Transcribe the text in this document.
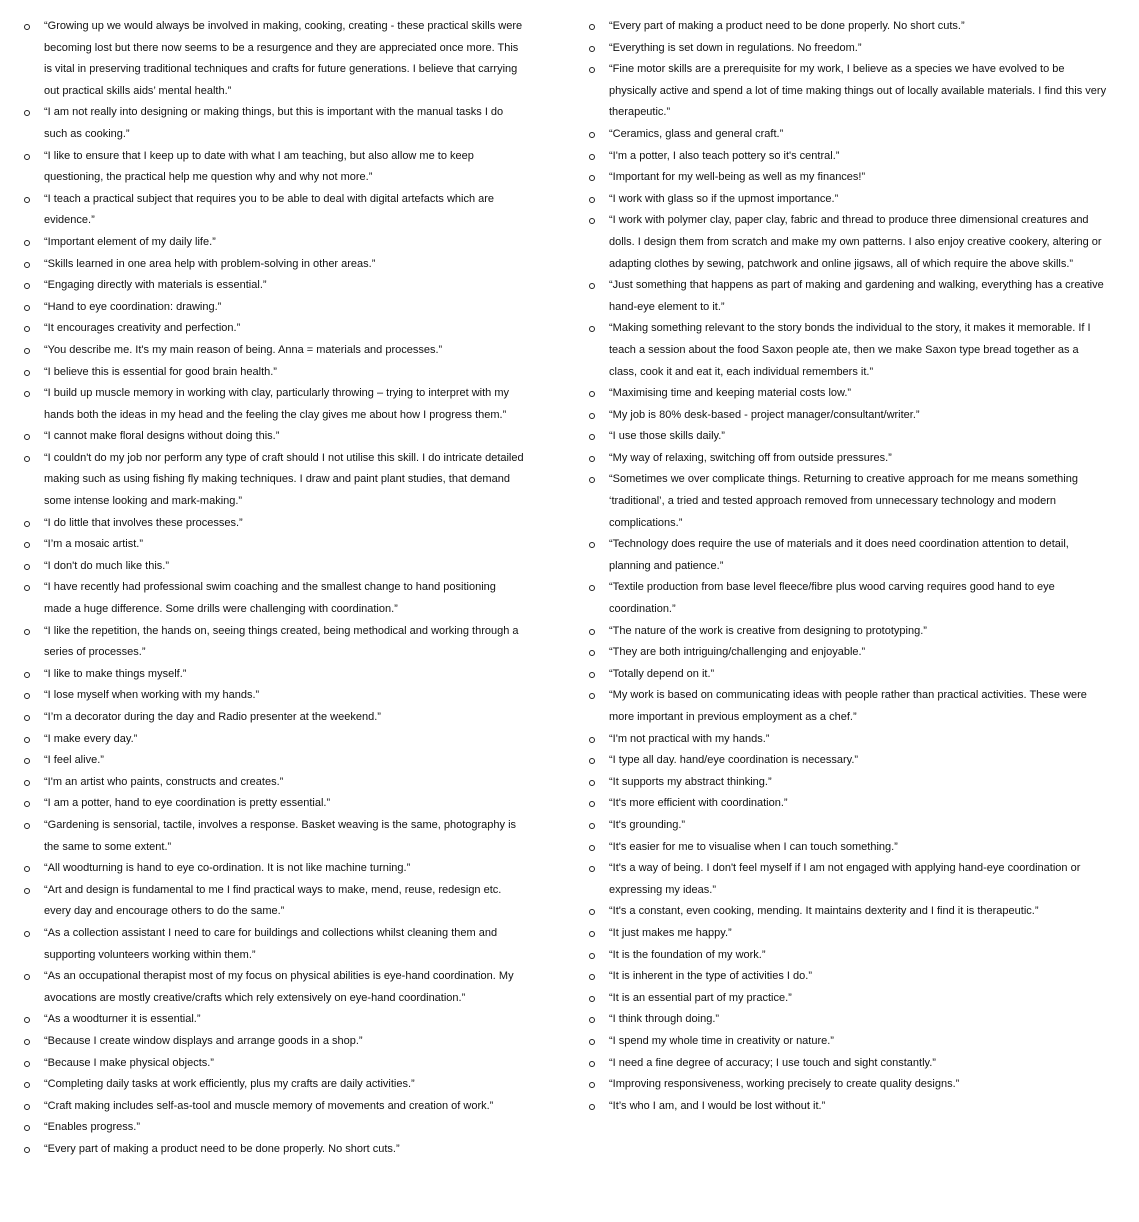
“Growing up we would always be involved in making, cooking, creating - these practical skills were becoming lost but there now seems to be a resurgence and they are appreciated once more. This is vital in preserving traditional techniques and crafts for future generations. I believe that carrying out practical skills aids’ mental health.”
“I am not really into designing or making things, but this is important with the manual tasks I do such as cooking.”
“I like to ensure that I keep up to date with what I am teaching, but also allow me to keep questioning, the practical help me question why and why not more.”
“I teach a practical subject that requires you to be able to deal with digital artefacts which are evidence.”
“Important element of my daily life.”
“Skills learned in one area help with problem-solving in other areas.”
“Engaging directly with materials is essential.”
“Hand to eye coordination: drawing.”
“It encourages creativity and perfection.”
“You describe me. It's my main reason of being. Anna = materials and processes.”
“I believe this is essential for good brain health.”
“I build up muscle memory in working with clay, particularly throwing – trying to interpret with my hands both the ideas in my head and the feeling the clay gives me about how I progress them.”
“I cannot make floral designs without doing this.”
“I couldn't do my job nor perform any type of craft should I not utilise this skill. I do intricate detailed making such as using fishing fly making techniques. I draw and paint plant studies, that demand some intense looking and mark-making.”
“I do little that involves these processes.”
“I’m a mosaic artist.”
“I don't do much like this.”
“I have recently had professional swim coaching and the smallest change to hand positioning made a huge difference. Some drills were challenging with coordination.”
“I like the repetition, the hands on, seeing things created, being methodical and working through a series of processes.”
“I like to make things myself.”
“I lose myself when working with my hands.”
“I’m a decorator during the day and Radio presenter at the weekend.”
“I make every day.”
“I feel alive.”
“I'm an artist who paints, constructs and creates.”
“I am a potter, hand to eye coordination is pretty essential.”
“Gardening is sensorial, tactile, involves a response. Basket weaving is the same, photography is the same to some extent.”
“All woodturning is hand to eye co-ordination. It is not like machine turning.”
“Art and design is fundamental to me I find practical ways to make, mend, reuse, redesign etc. every day and encourage others to do the same.”
“As a collection assistant I need to care for buildings and collections whilst cleaning them and supporting volunteers working within them.”
“As an occupational therapist most of my focus on physical abilities is eye-hand coordination. My avocations are mostly creative/crafts which rely extensively on eye-hand coordination.”
“As a woodturner it is essential.”
“Because I create window displays and arrange goods in a shop.”
“Because I make physical objects.”
“Completing daily tasks at work efficiently, plus my crafts are daily activities.”
“Craft making includes self-as-tool and muscle memory of movements and creation of work.”
“Enables progress.”
“Every part of making a product need to be done properly. No short cuts.”
“Every part of making a product need to be done properly. No short cuts.”
“Everything is set down in regulations. No freedom.”
“Fine motor skills are a prerequisite for my work, I believe as a species we have evolved to be physically active and spend a lot of time making things out of locally available materials. I find this very therapeutic.”
“Ceramics, glass and general craft.”
“I'm a potter, I also teach pottery so it's central.”
“Important for my well-being as well as my finances!”
“I work with glass so if the upmost importance.”
“I work with polymer clay, paper clay, fabric and thread to produce three dimensional creatures and dolls. I design them from scratch and make my own patterns. I also enjoy creative cookery, altering or adapting clothes by sewing, patchwork and online jigsaws, all of which require the above skills.”
“Just something that happens as part of making and gardening and walking, everything has a creative hand-eye element to it.”
“Making something relevant to the story bonds the individual to the story, it makes it memorable. If I teach a session about the food Saxon people ate, then we make Saxon type bread together as a class, cook it and eat it, each individual remembers it.”
“Maximising time and keeping material costs low.”
“My job is 80% desk-based - project manager/consultant/writer.”
“I use those skills daily.”
“My way of relaxing, switching off from outside pressures.”
“Sometimes we over complicate things. Returning to creative approach for me means something ‘traditional’, a tried and tested approach removed from unnecessary technology and modern complications.”
“Technology does require the use of materials and it does need coordination attention to detail, planning and patience.”
“Textile production from base level fleece/fibre plus wood carving requires good hand to eye coordination.”
“The nature of the work is creative from designing to prototyping.”
“They are both intriguing/challenging and enjoyable.”
“Totally depend on it.”
“My work is based on communicating ideas with people rather than practical activities. These were more important in previous employment as a chef.”
“I'm not practical with my hands.”
“I type all day. hand/eye coordination is necessary.”
“It supports my abstract thinking.”
“It's more efficient with coordination.”
“It's grounding.”
“It's easier for me to visualise when I can touch something.”
“It's a way of being. I don't feel myself if I am not engaged with applying hand-eye coordination or expressing my ideas.”
“It's a constant, even cooking, mending. It maintains dexterity and I find it is therapeutic.”
“It just makes me happy.”
“It is the foundation of my work.”
“It is inherent in the type of activities I do.”
“It is an essential part of my practice.”
“I think through doing.”
“I spend my whole time in creativity or nature.”
“I need a fine degree of accuracy; I use touch and sight constantly.”
“Improving responsiveness, working precisely to create quality designs.”
“It’s who I am, and I would be lost without it.”
